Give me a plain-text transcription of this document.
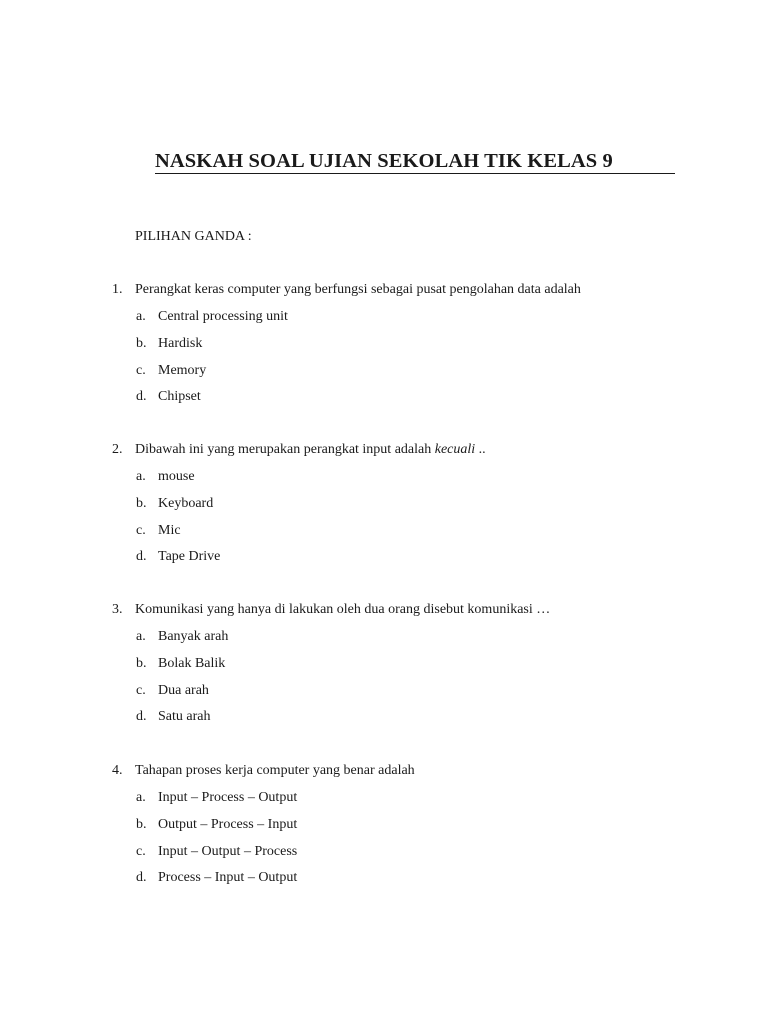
NASKAH SOAL UJIAN SEKOLAH TIK KELAS 9
PILIHAN GANDA :
1. Perangkat keras computer yang berfungsi sebagai pusat pengolahan data adalah
a. Central processing unit
b. Hardisk
c. Memory
d. Chipset
2. Dibawah ini yang merupakan perangkat input adalah kecuali ..
a. mouse
b. Keyboard
c. Mic
d. Tape Drive
3. Komunikasi yang hanya di lakukan oleh dua orang disebut komunikasi …
a. Banyak arah
b. Bolak Balik
c. Dua arah
d. Satu arah
4. Tahapan proses kerja computer yang benar adalah
a. Input – Process – Output
b. Output – Process – Input
c. Input – Output – Process
d. Process – Input – Output
